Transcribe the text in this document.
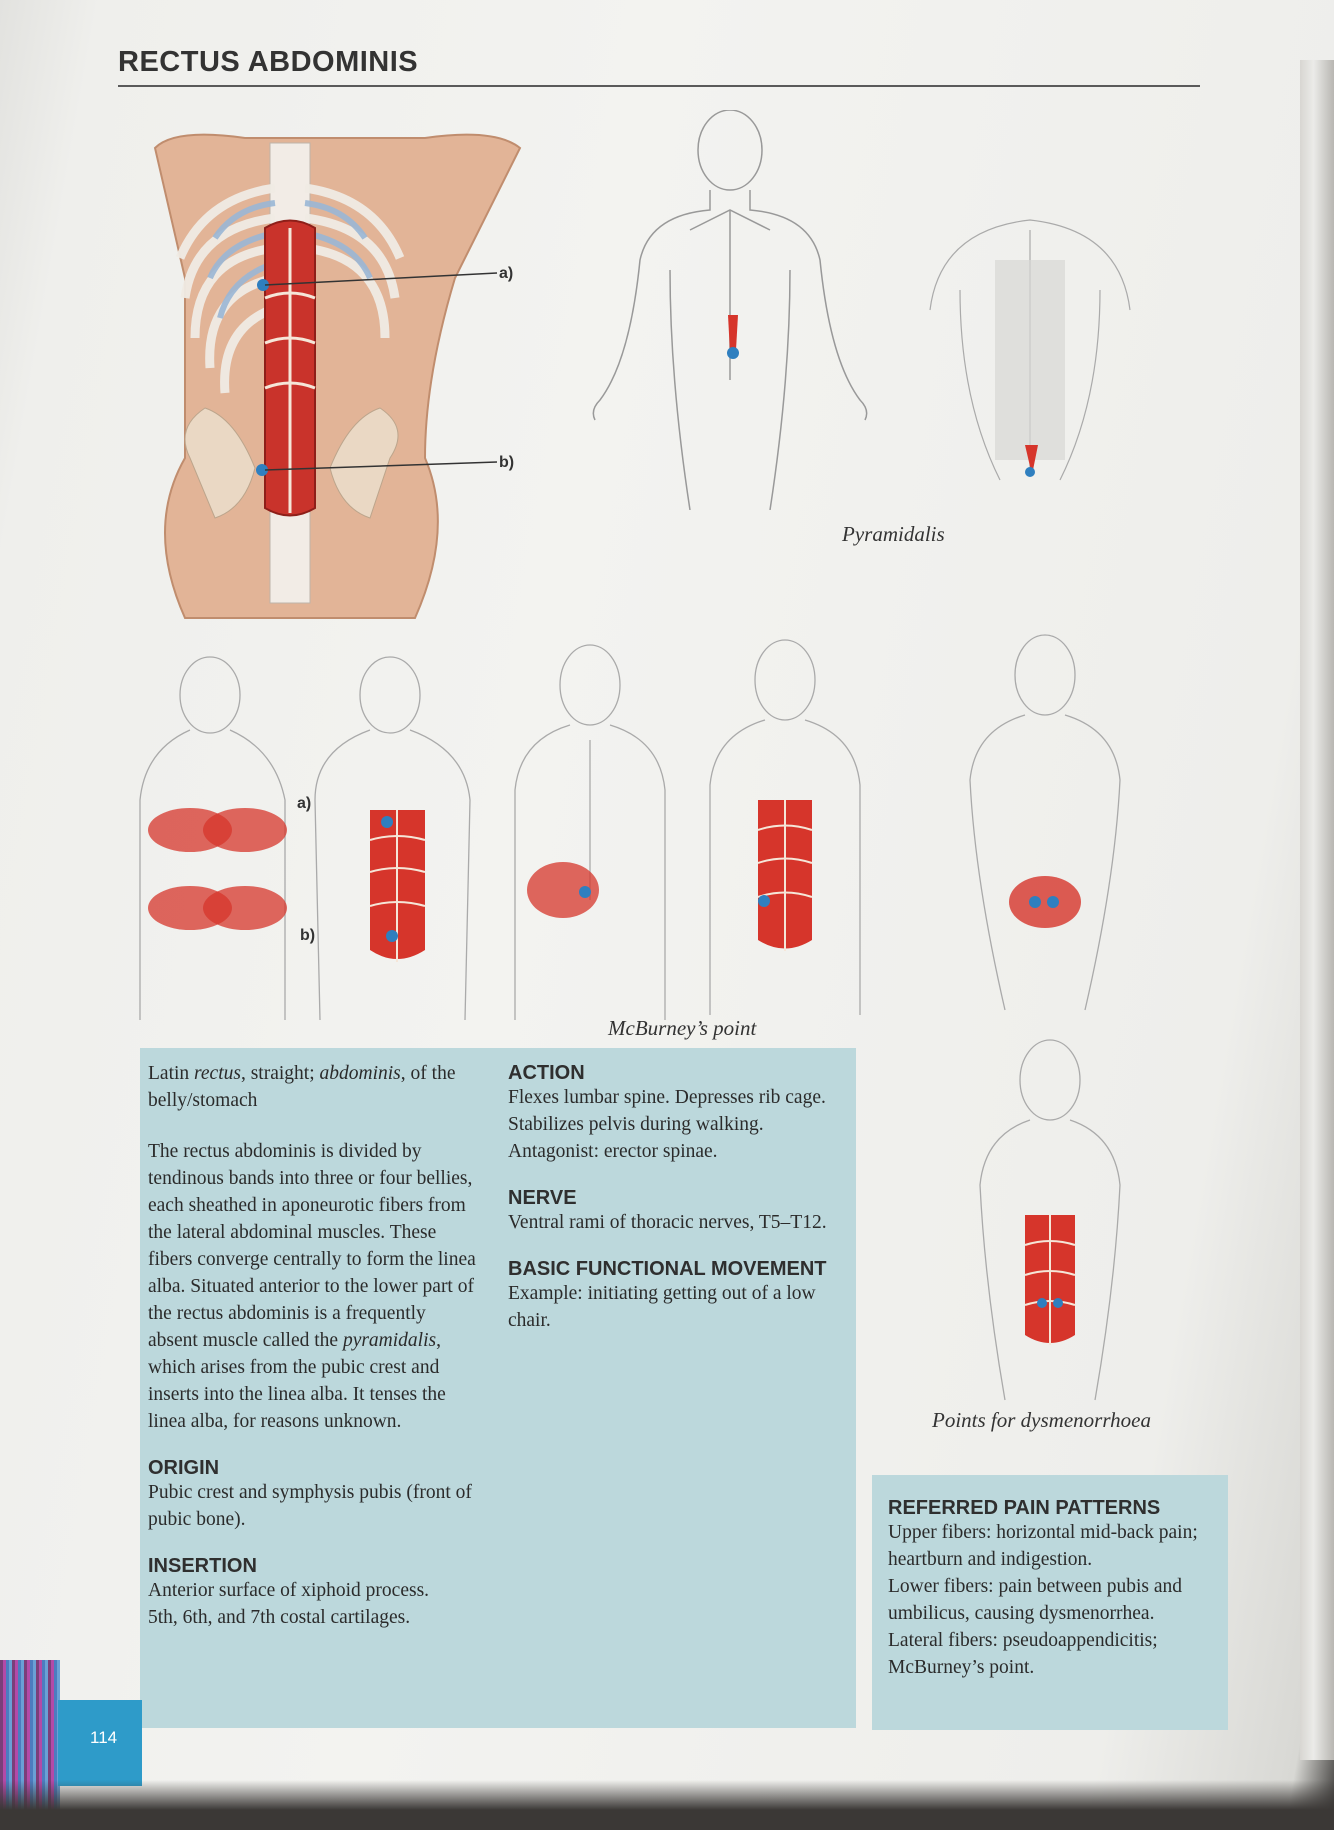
RECTUS ABDOMINIS
a)
b)
Pyramidalis
a)
b)
McBurney’s point
Points for dysmenorrhoea

Latin rectus, straight; abdominis, of the belly/stomach

The rectus abdominis is divided by tendinous bands into three or four bellies, each sheathed in aponeurotic fibers from the lateral abdominal muscles. These fibers converge centrally to form the linea alba. Situated anterior to the lower part of the rectus abdominis is a frequently absent muscle called the pyramidalis, which arises from the pubic crest and inserts into the linea alba. It tenses the linea alba, for reasons unknown.

ORIGIN

Pubic crest and symphysis pubis (front of pubic bone).

INSERTION

Anterior surface of xiphoid process.

5th, 6th, and 7th costal cartilages.

ACTION

Flexes lumbar spine. Depresses rib cage. Stabilizes pelvis during walking.

Antagonist: erector spinae.

NERVE

Ventral rami of thoracic nerves, T5–T12.

BASIC FUNCTIONAL MOVEMENT

Example: initiating getting out of a low chair.

REFERRED PAIN PATTERNS

Upper fibers: horizontal mid-back pain; heartburn and indigestion.

Lower fibers: pain between pubis and umbilicus, causing dysmenorrhea.

Lateral fibers: pseudoappendicitis; McBurney’s point.

114
